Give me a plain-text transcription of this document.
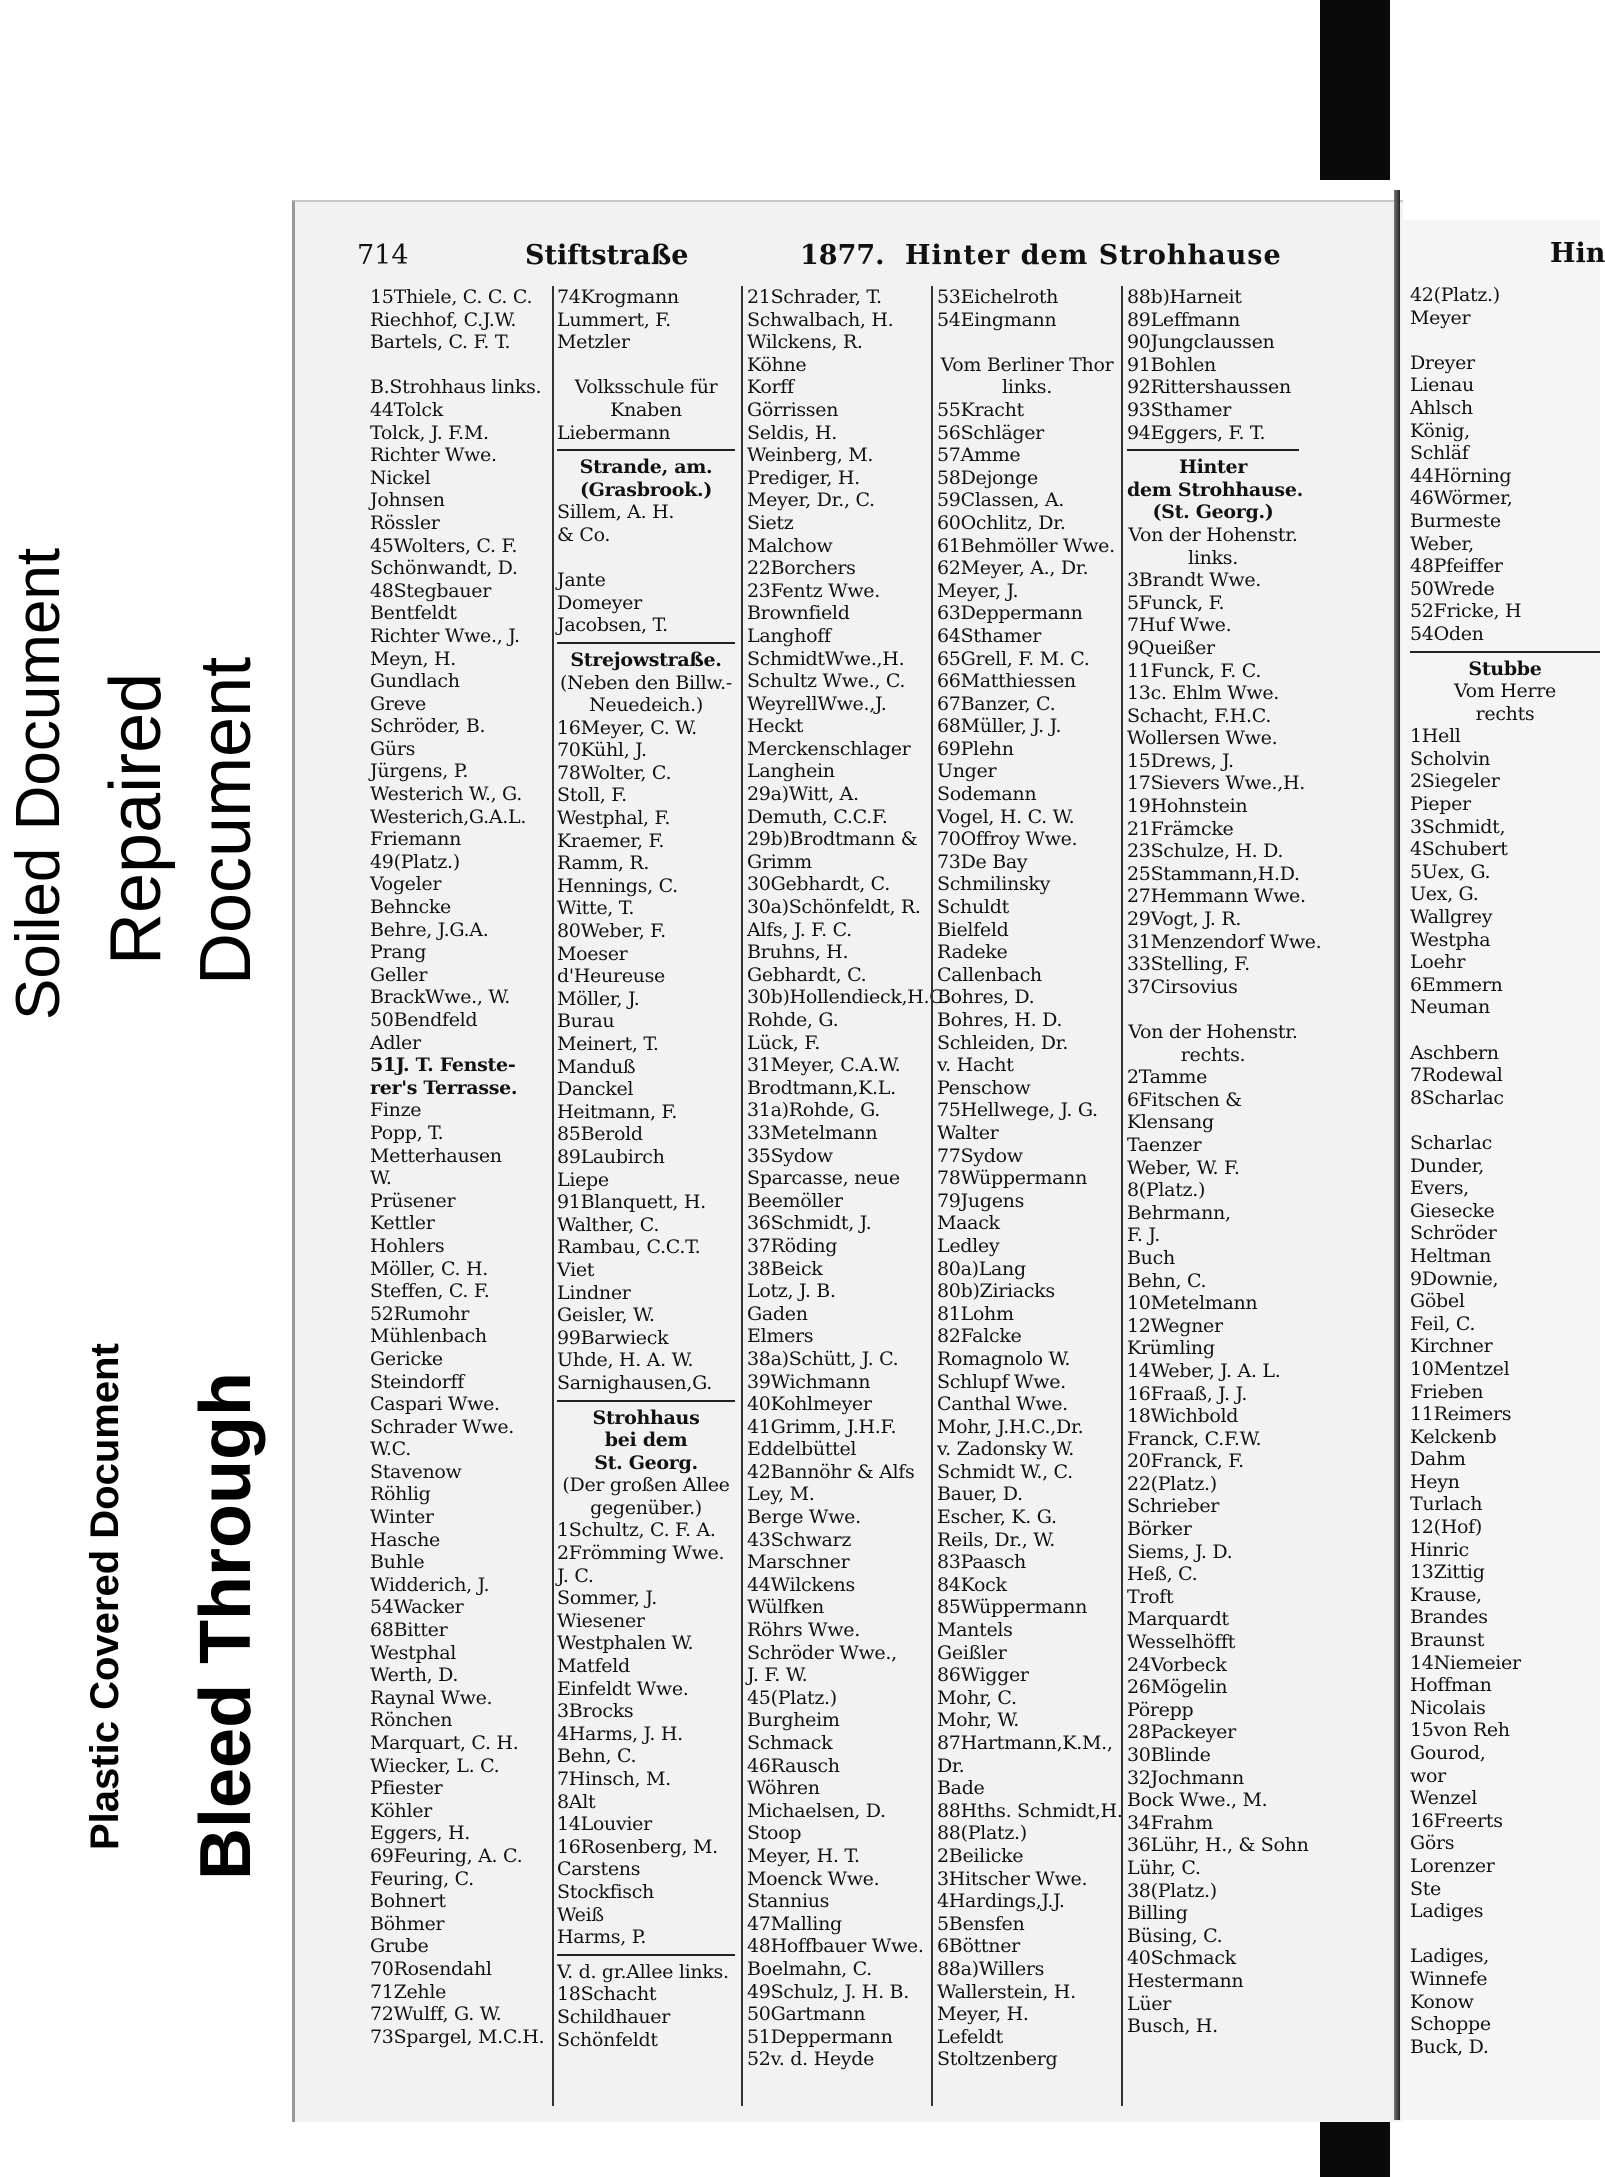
Soiled Document Repaired Document
Plastic Covered Document Bleed Through
714	Stiftstraße	1877. Hinter dem Strohhause
15Thiele, C. C. C.
Riechhof, C.J.W.
Bartels, C. F. T.
B.Strohhaus links.
44Tolck
Tolck, J. F.M.
Richter Wwe.
Nickel
Johnsen
Rössler
45Wolters, C. F.
Schönwandt, D.
48Stegbauer
Bentfeldt
Richter Wwe., J.
Meyn, H.
Gundlach
Greve
Schröder, B.
Gürs
Jürgens, P.
Westerich W., G.
Westerich,G.A.L.
Friemann
49(Platz.)
Vogeler
Behncke
Behre, J.G.A.
Prang
Geller
BrackWwe., W.
50Bendfeld
Adler
51J. T. Fenste-
rer's Terrasse.
Finze
Popp, T.
Metterhausen
W.
Prüsener
Kettler
Hohlers
Möller, C. H.
Steffen, C. F.
52Rumohr
Mühlenbach
Gericke
Steindorff
Caspari Wwe.
Schrader Wwe.
W.C.
Stavenow
Röhlig
Winter
Hasche
Buhle
Widderich, J.
54Wacker
68Bitter
Westphal
Werth, D.
Raynal Wwe.
Rönchen
Marquart, C. H.
Wiecker, L. C.
Pfiester
Köhler
Eggers, H.
69Feuring, A. C.
Feuring, C.
Bohnert
Böhmer
Grube
70Rosendahl
71Zehle
72Wulff, G. W.
73Spargel, M.C.H.
74Krogmann
Lummert, F.
Metzler
Volksschule für
Knaben
Liebermann
Strande, am.
(Grasbrook.)
Sillem, A. H.
& Co.
Jante
Domeyer
Jacobsen, T.
Strejowstraße.
(Neben den Billw.-
Neuedeich.)
16Meyer, C. W.
70Kühl, J.
78Wolter, C.
Stoll, F.
Westphal, F.
Kraemer, F.
Ramm, R.
Hennings, C.
Witte, T.
80Weber, F.
Moeser
d'Heureuse
Möller, J.
Burau
Meinert, T.
Manduß
Danckel
Heitmann, F.
85Berold
89Laubirch
Liepe
91Blanquett, H.
Walther, C.
Rambau, C.C.T.
Viet
Lindner
Geisler, W.
99Barwieck
Uhde, H. A. W.
Sarnighausen,G.
Strohhaus
bei dem
St. Georg.
(Der großen Allee
gegenüber.)
1Schultz, C. F. A.
2Frömming Wwe.
J. C.
Sommer, J.
Wiesener
Westphalen W.
Matfeld
Einfeldt Wwe.
3Brocks
4Harms, J. H.
Behn, C.
7Hinsch, M.
8Alt
14Louvier
16Rosenberg, M.
Carstens
Stockfisch
Weiß
Harms, P.
V. d. gr.Allee links.
18Schacht
Schildhauer
Schönfeldt
21Schrader, T.
Schwalbach, H.
Wilckens, R.
Köhne
Korff
Görrissen
Seldis, H.
Weinberg, M.
Prediger, H.
Meyer, Dr., C.
Sietz
Malchow
22Borchers
23Fentz Wwe.
Brownfield
Langhoff
SchmidtWwe.,H.
Schultz Wwe., C.
WeyrellWwe.,J.
Heckt
Merckenschlager
Langhein
29a)Witt, A.
Demuth, C.C.F.
29b)Brodtmann &
Grimm
30Gebhardt, C.
30a)Schönfeldt, R.
Alfs, J. F. C.
Bruhns, H.
Gebhardt, C.
30b)Hollendieck,H.C.
Rohde, G.
Lück, F.
31Meyer, C.A.W.
Brodtmann,K.L.
31a)Rohde, G.
33Metelmann
35Sydow
Sparcasse, neue
Beemöller
36Schmidt, J.
37Röding
38Beick
Lotz, J. B.
Gaden
Elmers
38a)Schütt, J. C.
39Wichmann
40Kohlmeyer
41Grimm, J.H.F.
Eddelbüttel
42Bannöhr & Alfs
Ley, M.
Berge Wwe.
43Schwarz
Marschner
44Wilckens
Wülfken
Röhrs Wwe.
Schröder Wwe.,
J. F. W.
45(Platz.)
Burgheim
Schmack
46Rausch
Wöhren
Michaelsen, D.
Stoop
Meyer, H. T.
Moenck Wwe.
Stannius
47Malling
48Hoffbauer Wwe.
Boelmahn, C.
49Schulz, J. H. B.
50Gartmann
51Deppermann
52v. d. Heyde
53Eichelroth
54Eingmann
Vom Berliner Thor
links.
55Kracht
56Schläger
57Amme
58Dejonge
59Classen, A.
60Ochlitz, Dr.
61Behmöller Wwe.
62Meyer, A., Dr.
Meyer, J.
63Deppermann
64Sthamer
65Grell, F. M. C.
66Matthiessen
67Banzer, C.
68Müller, J. J.
69Plehn
Unger
Sodemann
Vogel, H. C. W.
70Offroy Wwe.
73De Bay
Schmilinsky
Schuldt
Bielfeld
Radeke
Callenbach
Bohres, D.
Bohres, H. D.
Schleiden, Dr.
v. Hacht
Penschow
75Hellwege, J. G.
Walter
77Sydow
78Wüppermann
79Jugens
Maack
Ledley
80a)Lang
80b)Ziriacks
81Lohm
82Falcke
Romagnolo W.
Schlupf Wwe.
Canthal Wwe.
Mohr, J.H.C.,Dr.
v. Zadonsky W.
Schmidt W., C.
Bauer, D.
Escher, K. G.
Reils, Dr., W.
83Paasch
84Kock
85Wüppermann
Mantels
Geißler
86Wigger
Mohr, C.
Mohr, W.
87Hartmann,K.M.,
Dr.
Bade
88Hths. Schmidt,H.
88(Platz.)
2Beilicke
3Hitscher Wwe.
4Hardings,J.J.
5Bensfen
6Böttner
88a)Willers
Wallerstein, H.
Meyer, H.
Lefeldt
Stoltzenberg
88b)Harneit
89Leffmann
90Jungclaussen
91Bohlen
92Rittershaussen
93Sthamer
94Eggers, F. T.
Hinter
dem Strohhause.
(St. Georg.)
Von der Hohenstr.
links.
3Brandt Wwe.
5Funck, F.
7Huf Wwe.
9Queißer
11Funck, F. C.
13c. Ehlm Wwe.
Schacht, F.H.C.
Wollersen Wwe.
15Drews, J.
17Sievers Wwe.,H.
19Hohnstein
21Främcke
23Schulze, H. D.
25Stammann,H.D.
27Hemmann Wwe.
29Vogt, J. R.
31Menzendorf Wwe.
33Stelling, F.
37Cirsovius
Von der Hohenstr.
rechts.
2Tamme
6Fitschen &
Klensang
Taenzer
Weber, W. F.
8(Platz.)
Behrmann,
F. J.
Buch
Behn, C.
10Metelmann
12Wegner
Krümling
14Weber, J. A. L.
16Fraaß, J. J.
18Wichbold
Franck, C.F.W.
20Franck, F.
22(Platz.)
Schrieber
Börker
Siems, J. D.
Heß, C.
Troft
Marquardt
Wesselhöfft
24Vorbeck
26Mögelin
Pörepp
28Packeyer
30Blinde
32Jochmann
Bock Wwe., M.
34Frahm
36Lühr, H., & Sohn
Lühr, C.
38(Platz.)
Billing
Büsing, C.
40Schmack
Hestermann
Lüer
Busch, H.
Hin
42(Platz.)
Meyer
Dreyer
Lienau
Ahlsch
König,
Schläf
44Hörning
46Wörmer,
Burmeste
Weber,
48Pfeiffer
50Wrede
52Fricke, H
54Oden
Stubbe
Vom Herre
rechts
1Hell
Scholvin
2Siegeler
Pieper
3Schmidt,
4Schubert
5Uex, G.
Uex, G.
Wallgrey
Westpha
Loehr
6Emmern
Neuman
Aschbern
7Rodewal
8Scharlac
Scharlac
Dunder,
Evers,
Giesecke
Schröder
Heltman
9Downie,
Göbel
Feil, C.
Kirchner
10Mentzel
Frieben
11Reimers
Kelckenb
Dahm
Heyn
Turlach
12(Hof)
Hinric
13Zittig
Krause,
Brandes
Braunst
14Niemeier
Hoffman
Nicolais
15von Reh
Gourod,
wor
Wenzel
16Freerts
Görs
Lorenzer
Ste
Ladiges
Ladiges,
Winnefe
Konow
Schoppe
Buck, D.
